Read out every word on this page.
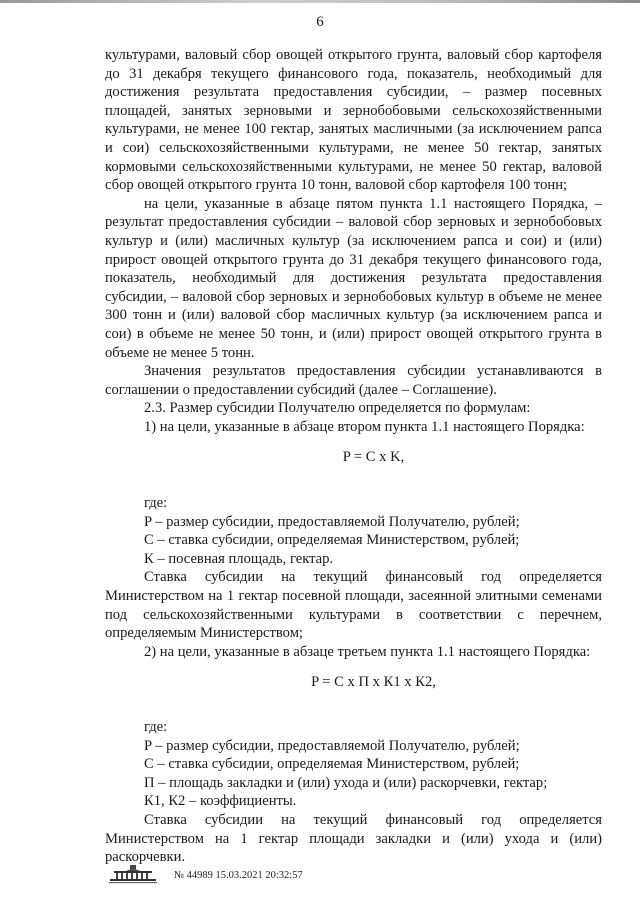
6

культурами, валовый сбор овощей открытого грунта, валовый сбор картофеля до 31 декабря текущего финансового года, показатель, необходимый для достижения результата предоставления субсидии, – размер посевных площадей, занятых зерновыми и зернобобовыми сельскохозяйственными культурами, не менее 100 гектар, занятых масличными (за исключением рапса и сои) сельскохозяйственными культурами, не менее 50 гектар, занятых кормовыми сельскохозяйственными культурами, не менее 50 гектар, валовой сбор овощей открытого грунта 10 тонн, валовой сбор картофеля 100 тонн;

на цели, указанные в абзаце пятом пункта 1.1 настоящего Порядка, – результат предоставления субсидии – валовой сбор зерновых и зернобобовых культур и (или) масличных культур (за исключением рапса и сои) и (или) прирост овощей открытого грунта до 31 декабря текущего финансового года, показатель, необходимый для достижения результата предоставления субсидии, – валовой сбор зерновых и зернобобовых культур в объеме не менее 300 тонн и (или) валовой сбор масличных культур (за исключением рапса и сои) в объеме не менее 50 тонн, и (или) прирост овощей открытого грунта в объеме не менее 5 тонн.

Значения результатов предоставления субсидии устанавливаются в соглашении о предоставлении субсидий (далее – Соглашение).

2.3. Размер субсидии Получателю определяется по формулам:

1) на цели, указанные в абзаце втором пункта 1.1 настоящего Порядка:

P = C x K,

где:

P – размер субсидии, предоставляемой Получателю, рублей;

С – ставка субсидии, определяемая Министерством, рублей;

К – посевная площадь, гектар.

Ставка субсидии на текущий финансовый год определяется Министерством на 1 гектар посевной площади, засеянной элитными семенами под сельскохозяйственными культурами в соответствии с перечнем, определяемым Министерством;

2) на цели, указанные в абзаце третьем пункта 1.1 настоящего Порядка:

P = C x П x К1 x К2,

где:

P – размер субсидии, предоставляемой Получателю, рублей;

С – ставка субсидии, определяемая Министерством, рублей;

П – площадь закладки и (или) ухода и (или) раскорчевки, гектар;

К1, К2 – коэффициенты.

Ставка субсидии на текущий финансовый год определяется Министерством на 1 гектар площади закладки и (или) ухода и (или) раскорчевки.

№ 44989 15.03.2021 20:32:57
